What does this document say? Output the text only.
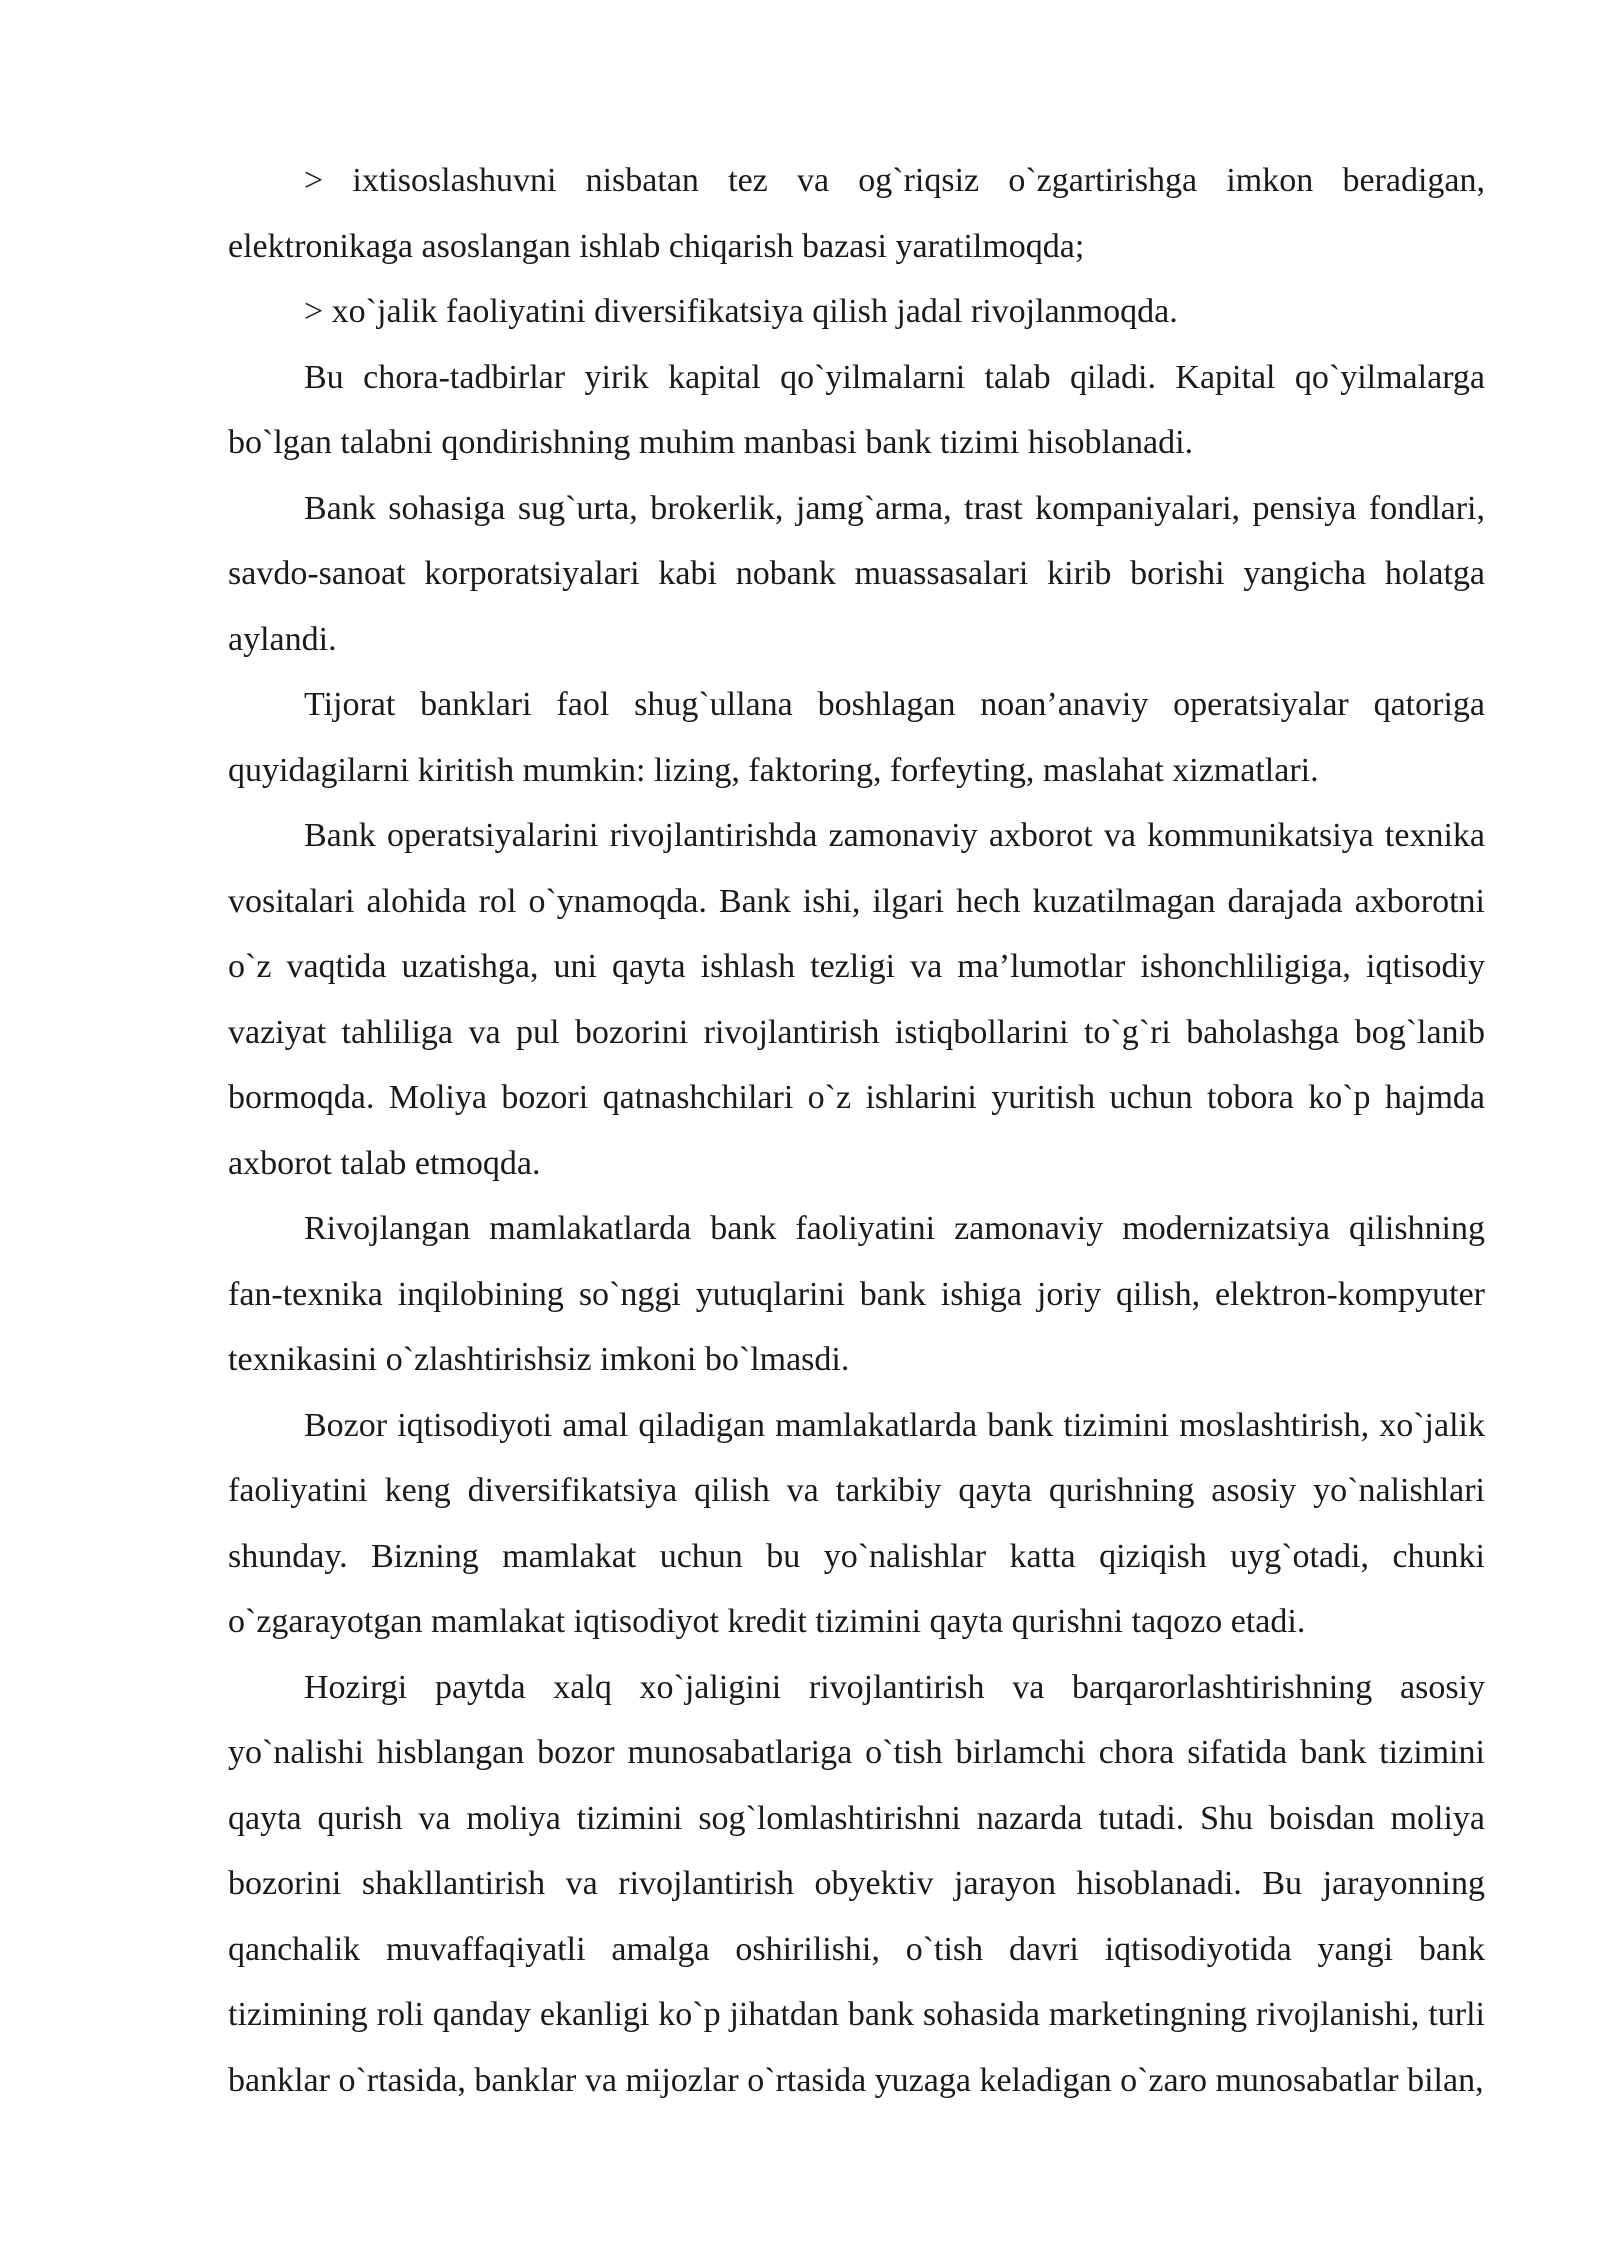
> ixtisoslashuvni nisbatan tez va og`riqsiz o`zgartirishga imkon beradigan, elektronikaga asoslangan ishlab chiqarish bazasi yaratilmoqda;

> xo`jalik faoliyatini diversifikatsiya qilish jadal rivojlanmoqda.

Bu chora-tadbirlar yirik kapital qo`yilmalarni talab qiladi. Kapital qo`yilmalarga bo`lgan talabni qondirishning muhim manbasi bank tizimi hisoblanadi.

Bank sohasiga sug`urta, brokerlik, jamg`arma, trast kompaniyalari, pensiya fondlari, savdo-sanoat korporatsiyalari kabi nobank muassasalari kirib borishi yangicha holatga aylandi.

Tijorat banklari faol shug`ullana boshlagan noan’anaviy operatsiyalar qatoriga quyidagilarni kiritish mumkin: lizing, faktoring, forfeyting, maslahat xizmatlari.

Bank operatsiyalarini rivojlantirishda zamonaviy axborot va kommunikatsiya texnika vositalari alohida rol o`ynamoqda. Bank ishi, ilgari hech kuzatilmagan darajada axborotni o`z vaqtida uzatishga, uni qayta ishlash tezligi va ma’lumotlar ishonchliligiga, iqtisodiy vaziyat tahliliga va pul bozorini rivojlantirish istiqbollarini to`g`ri baholashga bog`lanib bormoqda. Moliya bozori qatnashchilari o`z ishlarini yuritish uchun tobora ko`p hajmda axborot talab etmoqda.

Rivojlangan mamlakatlarda bank faoliyatini zamonaviy modernizatsiya qilishning fan-texnika inqilobining so`nggi yutuqlarini bank ishiga joriy qilish, elektron-kompyuter texnikasini o`zlashtirishsiz imkoni bo`lmasdi.

Bozor iqtisodiyoti amal qiladigan mamlakatlarda bank tizimini moslashtirish, xo`jalik faoliyatini keng diversifikatsiya qilish va tarkibiy qayta qurishning asosiy yo`nalishlari shunday. Bizning mamlakat uchun bu yo`nalishlar katta qiziqish uyg`otadi, chunki o`zgarayotgan mamlakat iqtisodiyot kredit tizimini qayta qurishni taqozo etadi.

Hozirgi paytda xalq xo`jaligini rivojlantirish va barqarorlashtirishning asosiy yo`nalishi hisblangan bozor munosabatlariga o`tish birlamchi chora sifatida bank tizimini qayta qurish va moliya tizimini sog`lomlashtirishni nazarda tutadi. Shu boisdan moliya bozorini shakllantirish va rivojlantirish obyektiv jarayon hisoblanadi. Bu jarayonning qanchalik muvaffaqiyatli amalga oshirilishi, o`tish davri iqtisodiyotida yangi bank tizimining roli qanday ekanligi ko`p jihatdan bank sohasida marketingning rivojlanishi, turli banklar o`rtasida, banklar va mijozlar o`rtasida yuzaga keladigan o`zaro munosabatlar bilan,
